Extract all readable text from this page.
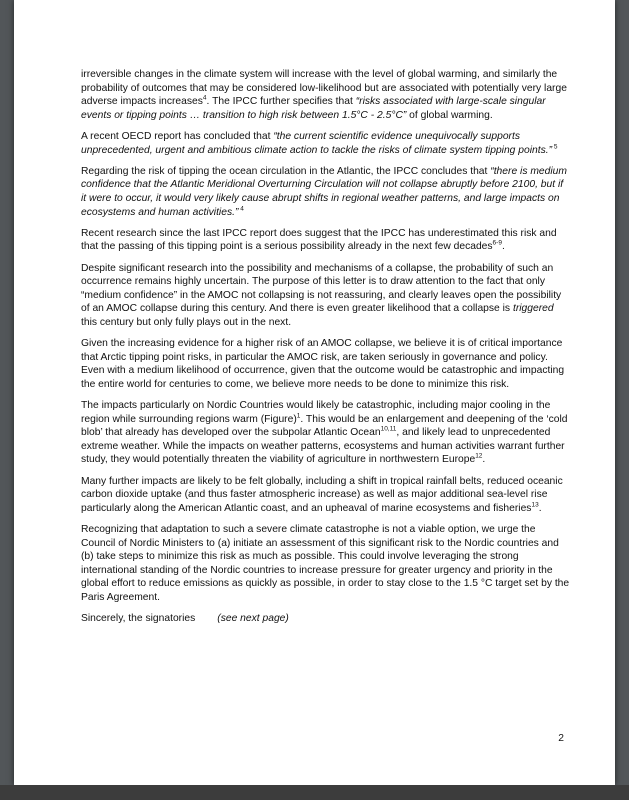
irreversible changes in the climate system will increase with the level of global warming, and similarly the probability of outcomes that may be considered low-likelihood but are associated with potentially very large adverse impacts increases$^4$. The IPCC further specifies that “risks associated with large-scale singular events or tipping points … transition to high risk between 1.5°C - 2.5°C” of global warming.

A recent OECD report has concluded that “the current scientific evidence unequivocally supports unprecedented, urgent and ambitious climate action to tackle the risks of climate system tipping points.” $^5$

Regarding the risk of tipping the ocean circulation in the Atlantic, the IPCC concludes that “there is medium confidence that the Atlantic Meridional Overturning Circulation will not collapse abruptly before 2100, but if it were to occur, it would very likely cause abrupt shifts in regional weather patterns, and large impacts on ecosystems and human activities.” $^4$

Recent research since the last IPCC report does suggest that the IPCC has underestimated this risk and that the passing of this tipping point is a serious possibility already in the next few decades$^{6-9}$.

Despite significant research into the possibility and mechanisms of a collapse, the probability of such an occurrence remains highly uncertain. The purpose of this letter is to draw attention to the fact that only “medium confidence” in the AMOC not collapsing is not reassuring, and clearly leaves open the possibility of an AMOC collapse during this century. And there is even greater likelihood that a collapse is triggered this century but only fully plays out in the next.

Given the increasing evidence for a higher risk of an AMOC collapse, we believe it is of critical importance that Arctic tipping point risks, in particular the AMOC risk, are taken seriously in governance and policy. Even with a medium likelihood of occurrence, given that the outcome would be catastrophic and impacting the entire world for centuries to come, we believe more needs to be done to minimize this risk.

The impacts particularly on Nordic Countries would likely be catastrophic, including major cooling in the region while surrounding regions warm (Figure)$^1$. This would be an enlargement and deepening of the ‘cold blob’ that already has developed over the subpolar Atlantic Ocean$^{10,11}$, and likely lead to unprecedented extreme weather. While the impacts on weather patterns, ecosystems and human activities warrant further study, they would potentially threaten the viability of agriculture in northwestern Europe$^{12}$.

Many further impacts are likely to be felt globally, including a shift in tropical rainfall belts, reduced oceanic carbon dioxide uptake (and thus faster atmospheric increase) as well as major additional sea-level rise particularly along the American Atlantic coast, and an upheaval of marine ecosystems and fisheries$^{13}$.

Recognizing that adaptation to such a severe climate catastrophe is not a viable option, we urge the Council of Nordic Ministers to (a) initiate an assessment of this significant risk to the Nordic countries and (b) take steps to minimize this risk as much as possible. This could involve leveraging the strong international standing of the Nordic countries to increase pressure for greater urgency and priority in the global effort to reduce emissions as quickly as possible, in order to stay close to the 1.5 °C target set by the Paris Agreement.

Sincerely, the signatories (see next page)

2
